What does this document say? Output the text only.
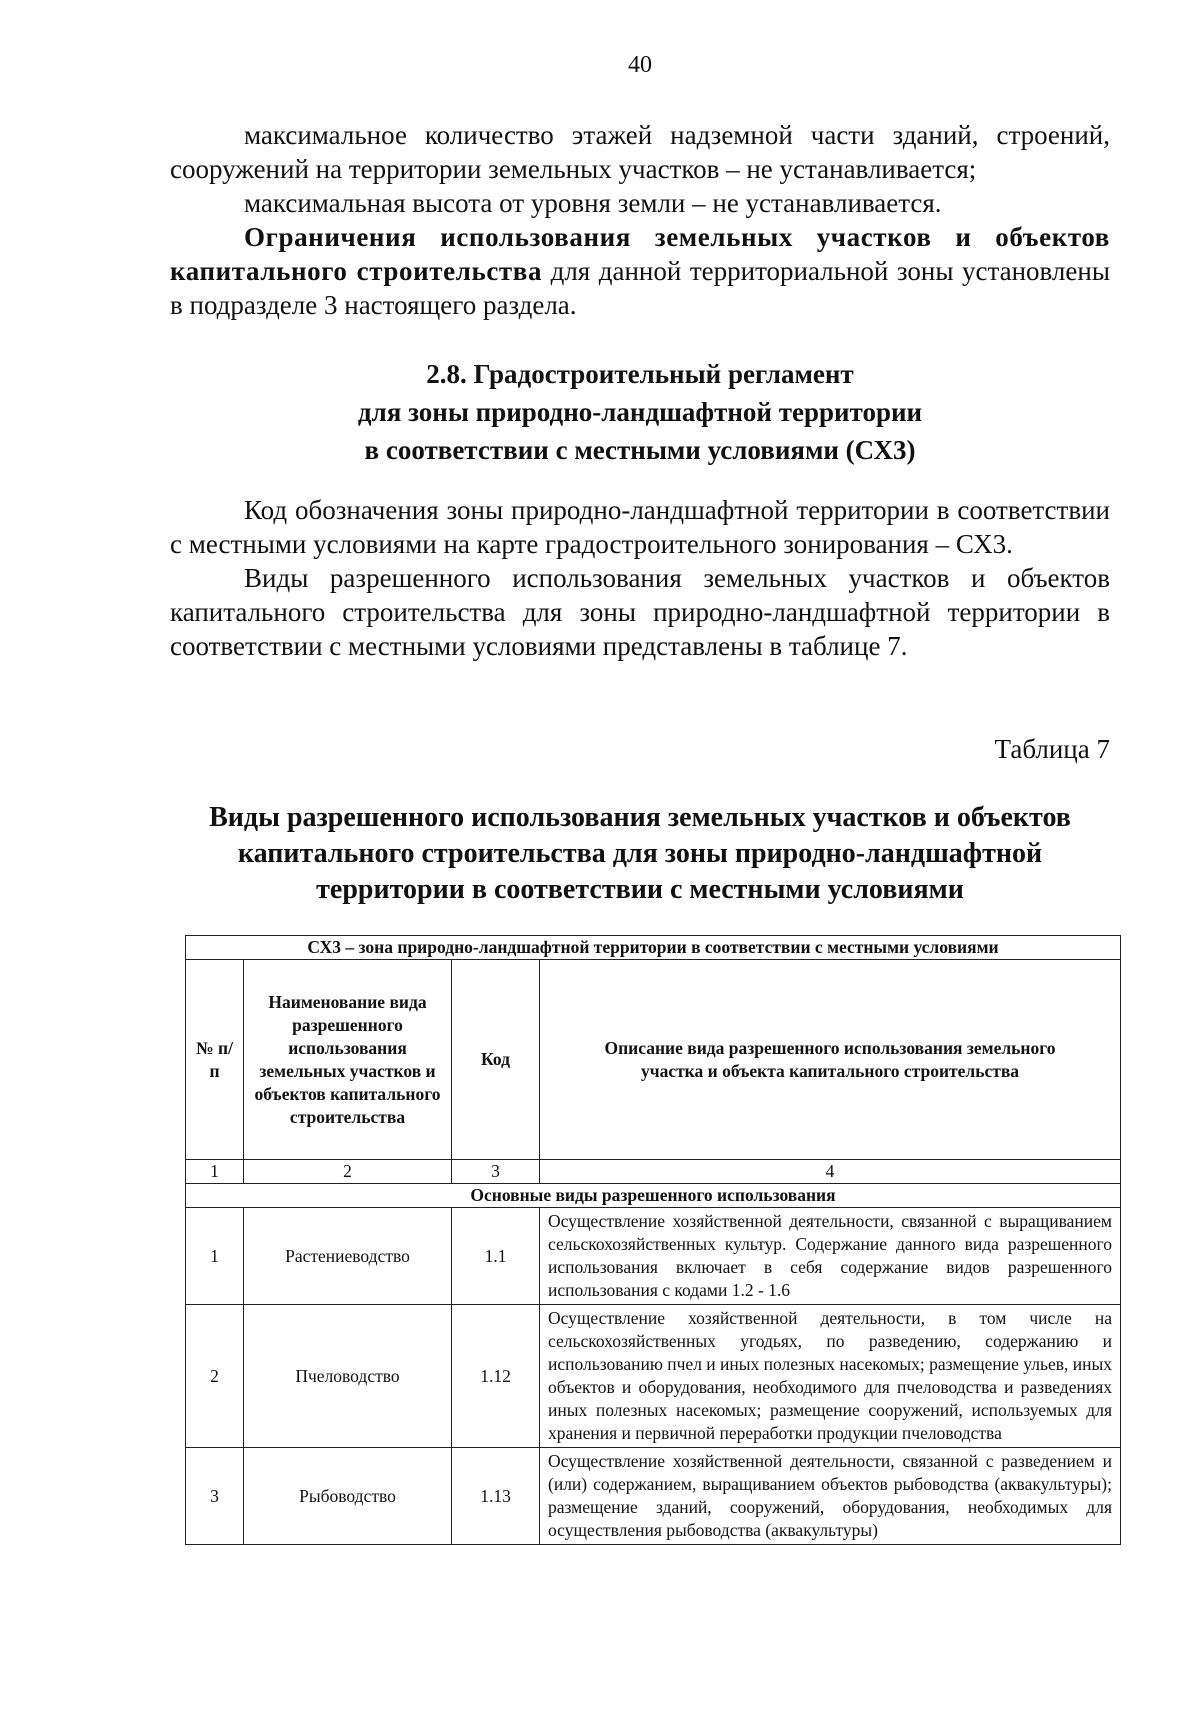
40

максимальное количество этажей надземной части зданий, строений, сооружений на территории земельных участков – не устанавливается;

максимальная высота от уровня земли – не устанавливается.

Ограничения использования земельных участков и объектов капитального строительства для данной территориальной зоны установлены в подразделе 3 настоящего раздела.

2.8. Градостроительный регламент
для зоны природно-ландшафтной территории
в соответствии с местными условиями (СХ3)

Код обозначения зоны природно-ландшафтной территории в соответствии с местными условиями на карте градостроительного зонирования – СХ3.

Виды разрешенного использования земельных участков и объектов капитального строительства для зоны природно-ландшафтной территории в соответствии с местными условиями представлены в таблице 7.

Таблица 7
Виды разрешенного использования земельных участков и объектов
капитального строительства для зоны природно-ландшафтной
территории в соответствии с местными условиями
СХ3 – зона природно-ландшафтной территории в соответствии с местными условиями			
№ п/п	Наименование вида разрешенного использования земельных участков и объектов капитального строительства	Код	Описание вида разрешенного использования земельного участка и объекта капитального строительства
1	2	3	4
Основные виды разрешенного использования			
1	Растениеводство	1.1	Осуществление хозяйственной деятельности, связанной с выращиванием сельскохозяйственных культур. Содержание данного вида разрешенного использования включает в себя содержание видов разрешенного использования с кодами 1.2 - 1.6
2	Пчеловодство	1.12	Осуществление хозяйственной деятельности, в том числе на сельскохозяйственных угодьях, по разведению, содержанию и использованию пчел и иных полезных насекомых; размещение ульев, иных объектов и оборудования, необходимого для пчеловодства и разведениях иных полезных насекомых; размещение сооружений, используемых для хранения и первичной переработки продукции пчеловодства
3	Рыбоводство	1.13	Осуществление хозяйственной деятельности, связанной с разведением и (или) содержанием, выращиванием объектов рыбоводства (аквакультуры); размещение зданий, сооружений, оборудования, необходимых для осуществления рыбоводства (аквакультуры)
